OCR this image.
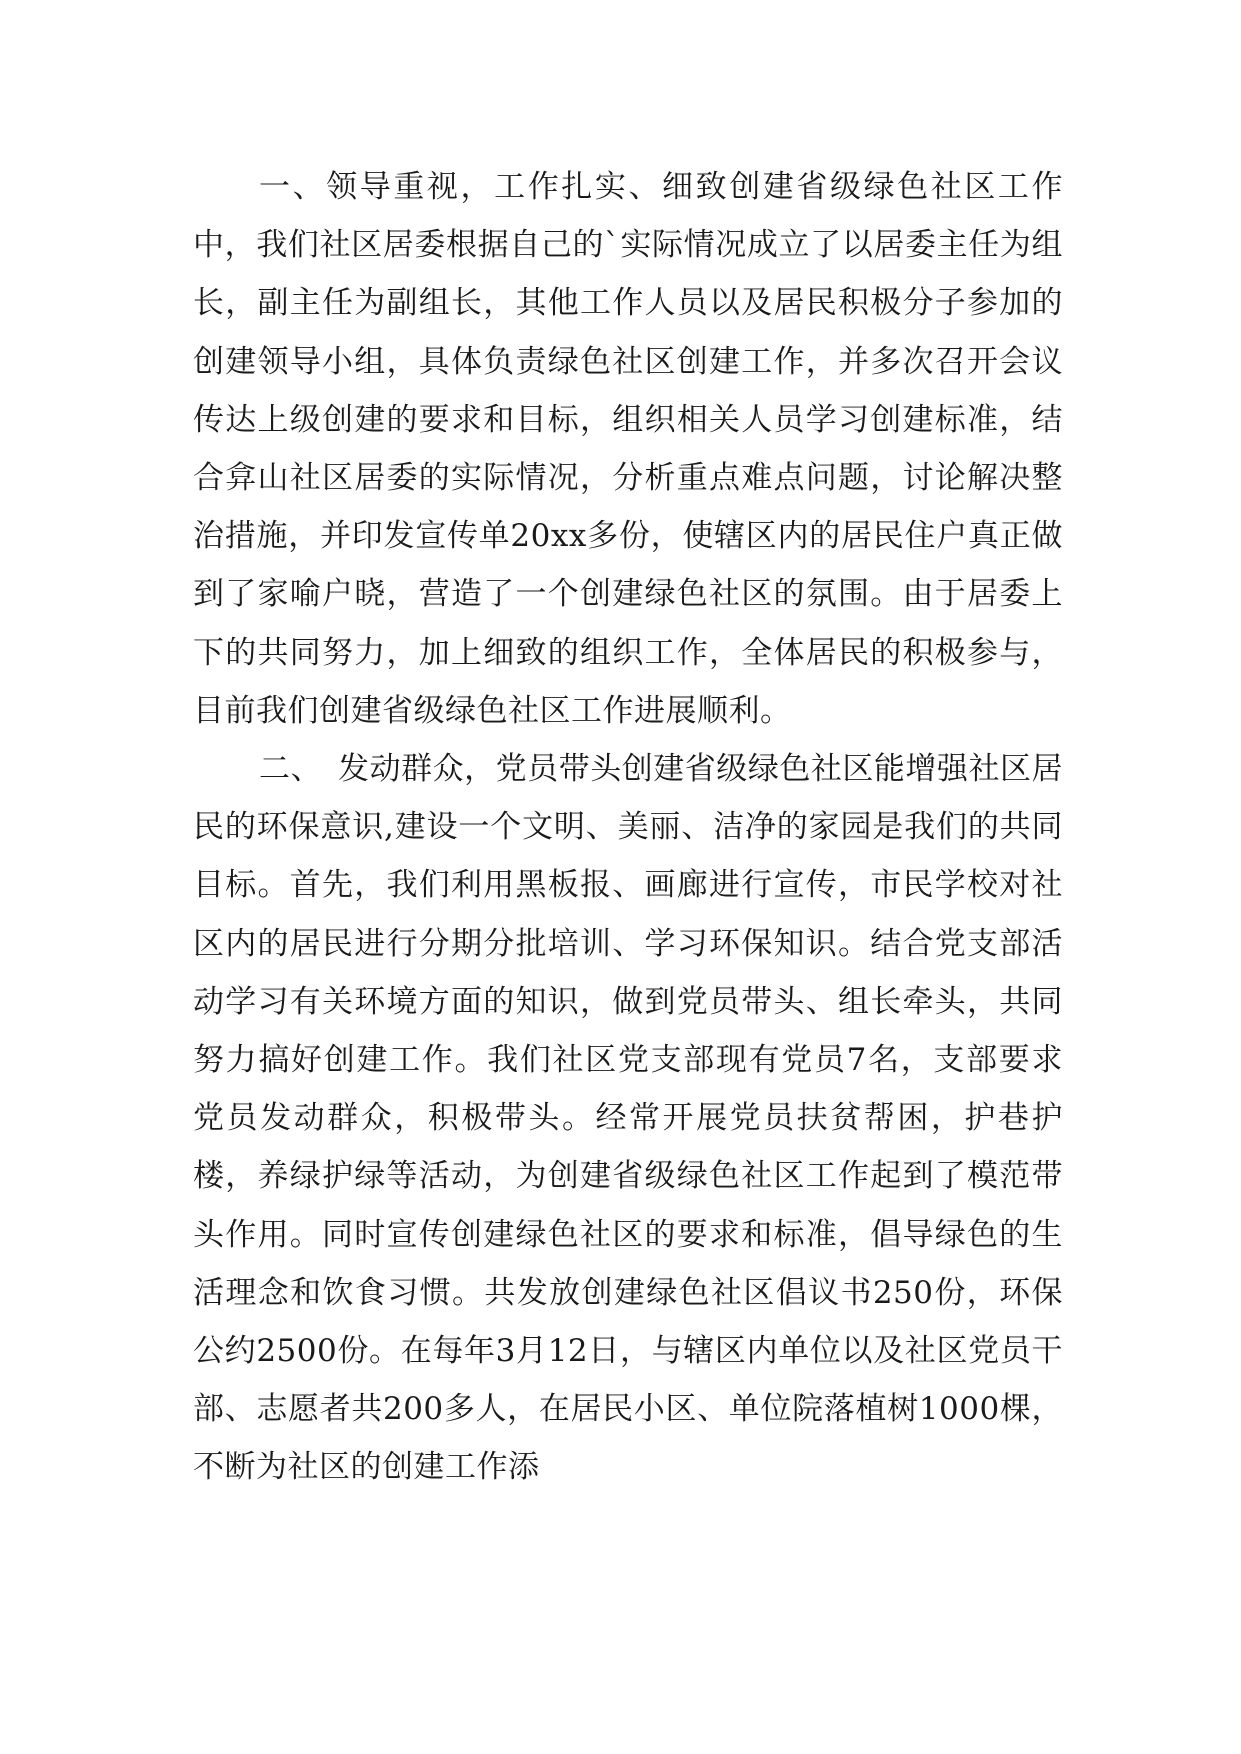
一、领导重视，工作扎实、细致创建省级绿色社区工作中，我们社区居委根据自己的`实际情况成立了以居委主任为组长，副主任为副组长，其他工作人员以及居民积极分子参加的创建领导小组，具体负责绿色社区创建工作，并多次召开会议传达上级创建的要求和目标，组织相关人员学习创建标准，结合弇山社区居委的实际情况，分析重点难点问题，讨论解决整治措施，并印发宣传单20xx多份，使辖区内的居民住户真正做到了家喻户晓，营造了一个创建绿色社区的氛围。由于居委上下的共同努力，加上细致的组织工作，全体居民的积极参与，目前我们创建省级绿色社区工作进展顺利。

二、　发动群众，党员带头创建省级绿色社区能增强社区居民的环保意识,建设一个文明、美丽、洁净的家园是我们的共同目标。首先，我们利用黑板报、画廊进行宣传，市民学校对社区内的居民进行分期分批培训、学习环保知识。结合党支部活动学习有关环境方面的知识，做到党员带头、组长牵头，共同努力搞好创建工作。我们社区党支部现有党员7名，支部要求党员发动群众，积极带头。经常开展党员扶贫帮困，护巷护楼，养绿护绿等活动，为创建省级绿色社区工作起到了模范带头作用。同时宣传创建绿色社区的要求和标准，倡导绿色的生活理念和饮食习惯。共发放创建绿色社区倡议书250份，环保公约2500份。在每年3月12日，与辖区内单位以及社区党员干部、志愿者共200多人，在居民小区、单位院落植树1000棵，不断为社区的创建工作添
